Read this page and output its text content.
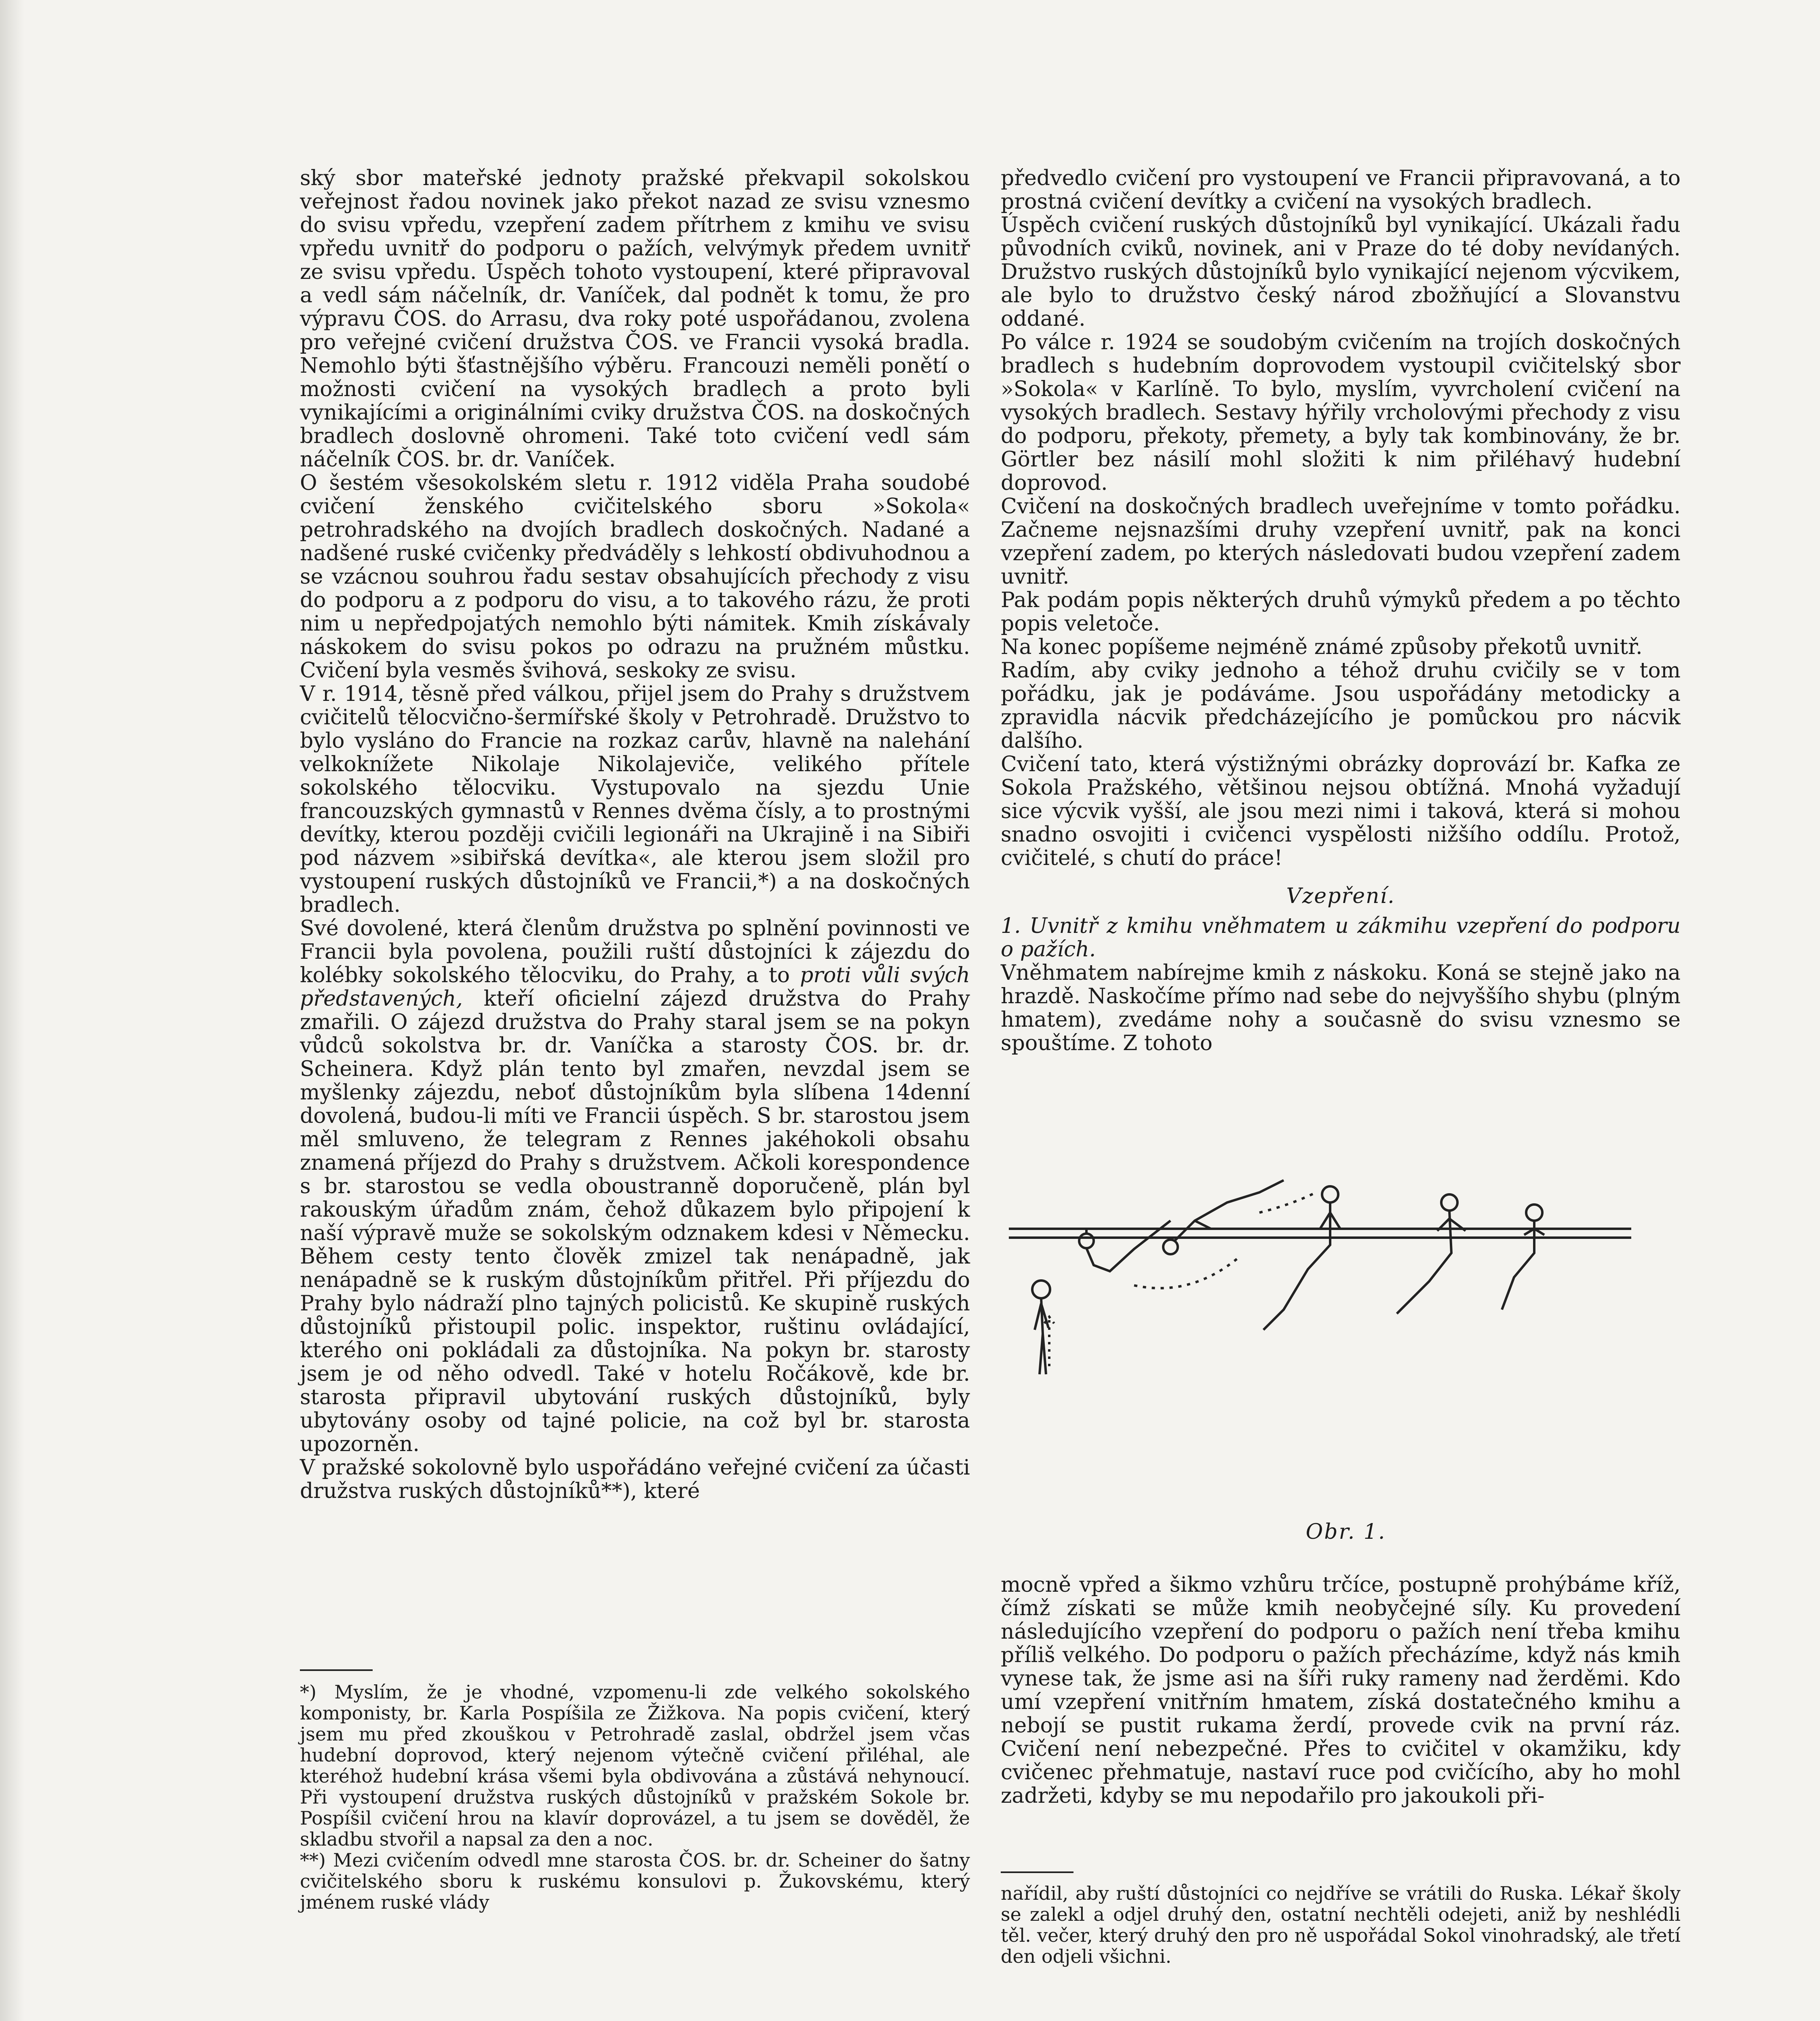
ský sbor mateřské jednoty pražské překvapil sokolskou veřejnost řadou novinek jako překot nazad ze svisu vznesmo do svisu vpředu, vzepření zadem přítrhem z kmihu ve svisu vpředu uvnitř do podporu o pažích, velvýmyk předem uvnitř ze svisu vpředu. Úspěch tohoto vystoupení, které připravoval a vedl sám náčelník, dr. Vaníček, dal podnět k tomu, že pro výpravu ČOS. do Arrasu, dva roky poté uspořádanou, zvolena pro veřejné cvičení družstva ČOS. ve Francii vysoká bradla. Nemohlo býti šťastnějšího výběru. Francouzi neměli ponětí o možnosti cvičení na vysokých bradlech a proto byli vynikajícími a originálními cviky družstva ČOS. na doskočných bradlech doslovně ohromeni. Také toto cvičení vedl sám náčelník ČOS. br. dr. Vaníček.

O šestém všesokolském sletu r. 1912 viděla Praha soudobé cvičení ženského cvičitelského sboru »Sokola« petrohradského na dvojích bradlech doskočných. Nadané a nadšené ruské cvičenky předváděly s lehkostí obdivuhodnou a se vzácnou souhrou řadu sestav obsahujících přechody z visu do podporu a z podporu do visu, a to takového rázu, že proti nim u nepředpojatých nemohlo býti námitek. Kmih získávaly náskokem do svisu pokos po odrazu na pružném můstku. Cvičení byla vesměs švihová, seskoky ze svisu.

V r. 1914, těsně před válkou, přijel jsem do Prahy s družstvem cvičitelů tělocvično-šermířské školy v Petrohradě. Družstvo to bylo vysláno do Francie na rozkaz carův, hlavně na nalehání velkoknížete Nikolaje Nikolajeviče, velikého přítele sokolského tělocviku. Vystupovalo na sjezdu Unie francouzských gymnastů v Rennes dvěma čísly, a to prostnými devítky, kterou později cvičili legionáři na Ukrajině i na Sibiři pod názvem »sibiřská devítka«, ale kterou jsem složil pro vystoupení ruských důstojníků ve Francii,*) a na doskočných bradlech.

Své dovolené, která členům družstva po splnění povinnosti ve Francii byla povolena, použili ruští důstojníci k zájezdu do kolébky sokolského tělocviku, do Prahy, a to proti vůli svých představených, kteří oficielní zájezd družstva do Prahy zmařili. O zájezd družstva do Prahy staral jsem se na pokyn vůdců sokolstva br. dr. Vaníčka a starosty ČOS. br. dr. Scheinera. Když plán tento byl zmařen, nevzdal jsem se myšlenky zájezdu, neboť důstojníkům byla slíbena 14denní dovolená, budou-li míti ve Francii úspěch. S br. starostou jsem měl smluveno, že telegram z Rennes jakéhokoli obsahu znamená příjezd do Prahy s družstvem. Ačkoli korespondence s br. starostou se vedla oboustranně doporučeně, plán byl rakouským úřadům znám, čehož důkazem bylo připojení k naší výpravě muže se sokolským odznakem kdesi v Německu. Během cesty tento člověk zmizel tak nenápadně, jak nenápadně se k ruským důstojníkům přitřel. Při příjezdu do Prahy bylo nádraží plno tajných policistů. Ke skupině ruských důstojníků přistoupil polic. inspektor, ruštinu ovládající, kterého oni pokládali za důstojníka. Na pokyn br. starosty jsem je od něho odvedl. Také v hotelu Ročákově, kde br. starosta připravil ubytování ruských důstojníků, byly ubytovány osoby od tajné policie, na což byl br. starosta upozorněn.

V pražské sokolovně bylo uspořádáno veřejné cvičení za účasti družstva ruských důstojníků**), které

*) Myslím, že je vhodné, vzpomenu-li zde velkého sokolského komponisty, br. Karla Pospíšila ze Žižkova. Na popis cvičení, který jsem mu před zkouškou v Petrohradě zaslal, obdržel jsem včas hudební doprovod, který nejenom výtečně cvičení přiléhal, ale kteréhož hudební krása všemi byla obdivována a zůstává nehynoucí. Při vystoupení družstva ruských důstojníků v pražském Sokole br. Pospíšil cvičení hrou na klavír doprovázel, a tu jsem se dověděl, že skladbu stvořil a napsal za den a noc.

**) Mezi cvičením odvedl mne starosta ČOS. br. dr. Scheiner do šatny cvičitelského sboru k ruskému konsulovi p. Žukovskému, který jménem ruské vlády

předvedlo cvičení pro vystoupení ve Francii připravovaná, a to prostná cvičení devítky a cvičení na vysokých bradlech.

Úspěch cvičení ruských důstojníků byl vynikající. Ukázali řadu původních cviků, novinek, ani v Praze do té doby nevídaných. Družstvo ruských důstojníků bylo vynikající nejenom výcvikem, ale bylo to družstvo český národ zbožňující a Slovanstvu oddané.

Po válce r. 1924 se soudobým cvičením na trojích doskočných bradlech s hudebním doprovodem vystoupil cvičitelský sbor »Sokola« v Karlíně. To bylo, myslím, vyvrcholení cvičení na vysokých bradlech. Sestavy hýřily vrcholovými přechody z visu do podporu, překoty, přemety, a byly tak kombinovány, že br. Görtler bez násilí mohl složiti k nim přiléhavý hudební doprovod.

Cvičení na doskočných bradlech uveřejníme v tomto pořádku. Začneme nejsnazšími druhy vzepření uvnitř, pak na konci vzepření zadem, po kterých následovati budou vzepření zadem uvnitř.

Pak podám popis některých druhů výmyků předem a po těchto popis veletoče.

Na konec popíšeme nejméně známé způsoby překotů uvnitř.

Radím, aby cviky jednoho a téhož druhu cvičily se v tom pořádku, jak je podáváme. Jsou uspořádány metodicky a zpravidla nácvik předcházejícího je pomůckou pro nácvik dalšího.

Cvičení tato, která výstižnými obrázky doprovází br. Kafka ze Sokola Pražského, většinou nejsou obtížná. Mnohá vyžadují sice výcvik vyšší, ale jsou mezi nimi i taková, která si mohou snadno osvojiti i cvičenci vyspělosti nižšího oddílu. Protož, cvičitelé, s chutí do práce!

Vzepření.

1. Uvnitř z kmihu vněhmatem u zákmihu vzepření do podporu o pažích.

Vněhmatem nabírejme kmih z náskoku. Koná se stejně jako na hrazdě. Naskočíme přímo nad sebe do nejvyššího shybu (plným hmatem), zvedáme nohy a současně do svisu vznesmo se spouštíme. Z tohoto

Obr. 1.

mocně vpřed a šikmo vzhůru trčíce, postupně prohýbáme kříž, čímž získati se může kmih neobyčejné síly. Ku provedení následujícího vzepření do podporu o pažích není třeba kmihu příliš velkého. Do podporu o pažích přecházíme, když nás kmih vynese tak, že jsme asi na šíři ruky rameny nad žerděmi. Kdo umí vzepření vnitřním hmatem, získá dostatečného kmihu a nebojí se pustit rukama žerdí, provede cvik na první ráz. Cvičení není nebezpečné. Přes to cvičitel v okamžiku, kdy cvičenec přehmatuje, nastaví ruce pod cvičícího, aby ho mohl zadržeti, kdyby se mu nepodařilo pro jakoukoli při-

nařídil, aby ruští důstojníci co nejdříve se vrátili do Ruska. Lékař školy se zalekl a odjel druhý den, ostatní nechtěli odejeti, aniž by neshlédli těl. večer, který druhý den pro ně uspořádal Sokol vinohradský, ale třetí den odjeli všichni.
